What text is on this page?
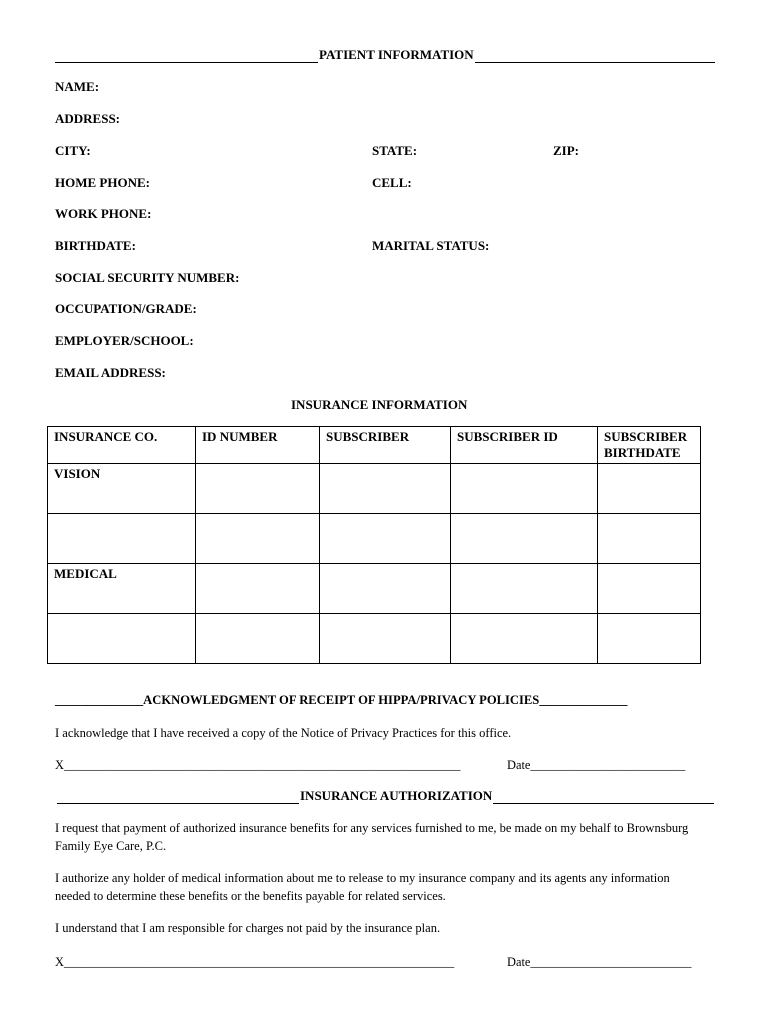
PATIENT INFORMATION
NAME:
ADDRESS:
CITY:	STATE:	ZIP:
HOME PHONE:	CELL:
WORK PHONE:
BIRTHDATE:	MARITAL STATUS:
SOCIAL SECURITY NUMBER:
OCCUPATION/GRADE:
EMPLOYER/SCHOOL:
EMAIL ADDRESS:
INSURANCE INFORMATION
INSURANCE CO.	ID NUMBER	SUBSCRIBER	SUBSCRIBER ID	SUBSCRIBER BIRTHDATE
VISION				

MEDICAL				

______________ACKNOWLEDGMENT OF RECEIPT OF HIPPA/PRIVACY POLICIES______________
I acknowledge that I have received a copy of the Notice of Privacy Practices for this office.
X________________________________________________________________	Date_________________________
INSURANCE AUTHORIZATION
I request that payment of authorized insurance benefits for any services furnished to me, be made on my behalf to Brownsburg Family Eye Care, P.C.
I authorize any holder of medical information about me to release to my insurance company and its agents any information needed to determine these benefits or the benefits payable for related services.
I understand that I am responsible for charges not paid by the insurance plan.
X_______________________________________________________________	Date__________________________
